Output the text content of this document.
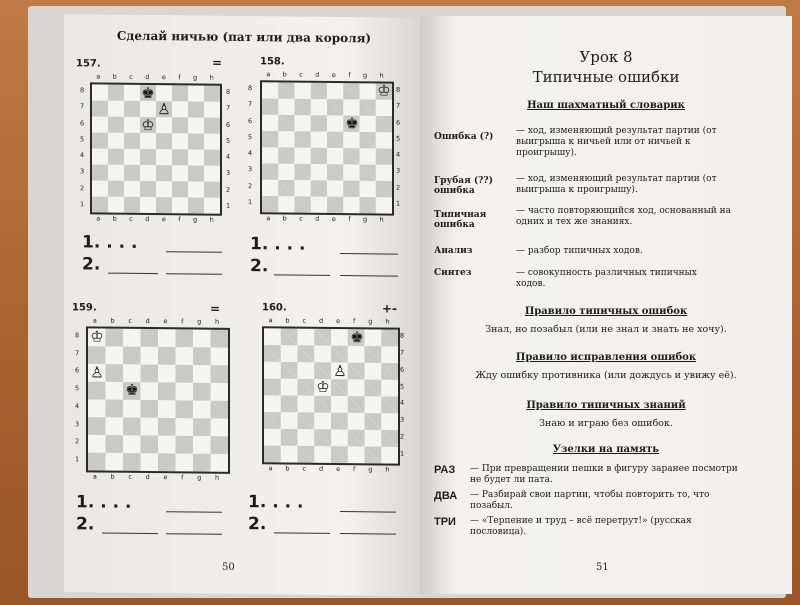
Сделай ничью (пат или два короля)
157.	=
a b c d e f g h
8
7
6
5
4
3
2
1
8
7
6
5
4
3
2
1
♚
♙
♔
a b c d e f g h
1. . . .
2.
158.
a b c d e f g h
8
7
6
5
4
3
2
1
8
7
6
5
4
3
2
1
♔
♚
a b c d e f g h
1. . . .
2.
159.	=
a b c d e f g h
8
7
6
5
4
3
2
1
♔
♙
♚
a b c d e f g h
1. . . .
2.
160.	+-
a b c d e f g h
8
7
6
5
4
3
2
1
♚
♙
♔
a b c d e f g h
1. . . .
2.
50
Урок 8
Типичные ошибки
Наш шахматный словарик
Ошибка (?)
— ход, изменяющий результат партии (от выигрыша к ничьей или от ничьей к проигрышу).
Грубая (??) ошибка
— ход, изменяющий результат партии (от выигрыша к проигрышу).
Типичная ошибка
— часто повторяющийся ход, основанный на одних и тех же знаниях.
Анализ	— разбор типичных ходов.
Синтез	— совокупность различных типичных ходов.
Правило типичных ошибок
Знал, но позабыл (или не знал и знать не хочу).
Правило исправления ошибок
Жду ошибку противника (или дождусь и увижу её).
Правило типичных знаний
Знаю и играю без ошибок.
Узелки на память
РАЗ — При превращении пешки в фигуру заранее посмотри не будет ли пата.
ДВА — Разбирай свои партии, чтобы повторить то, что позабыл.
ТРИ — «Терпение и труд – всё перетрут!» (русская пословица).
51
